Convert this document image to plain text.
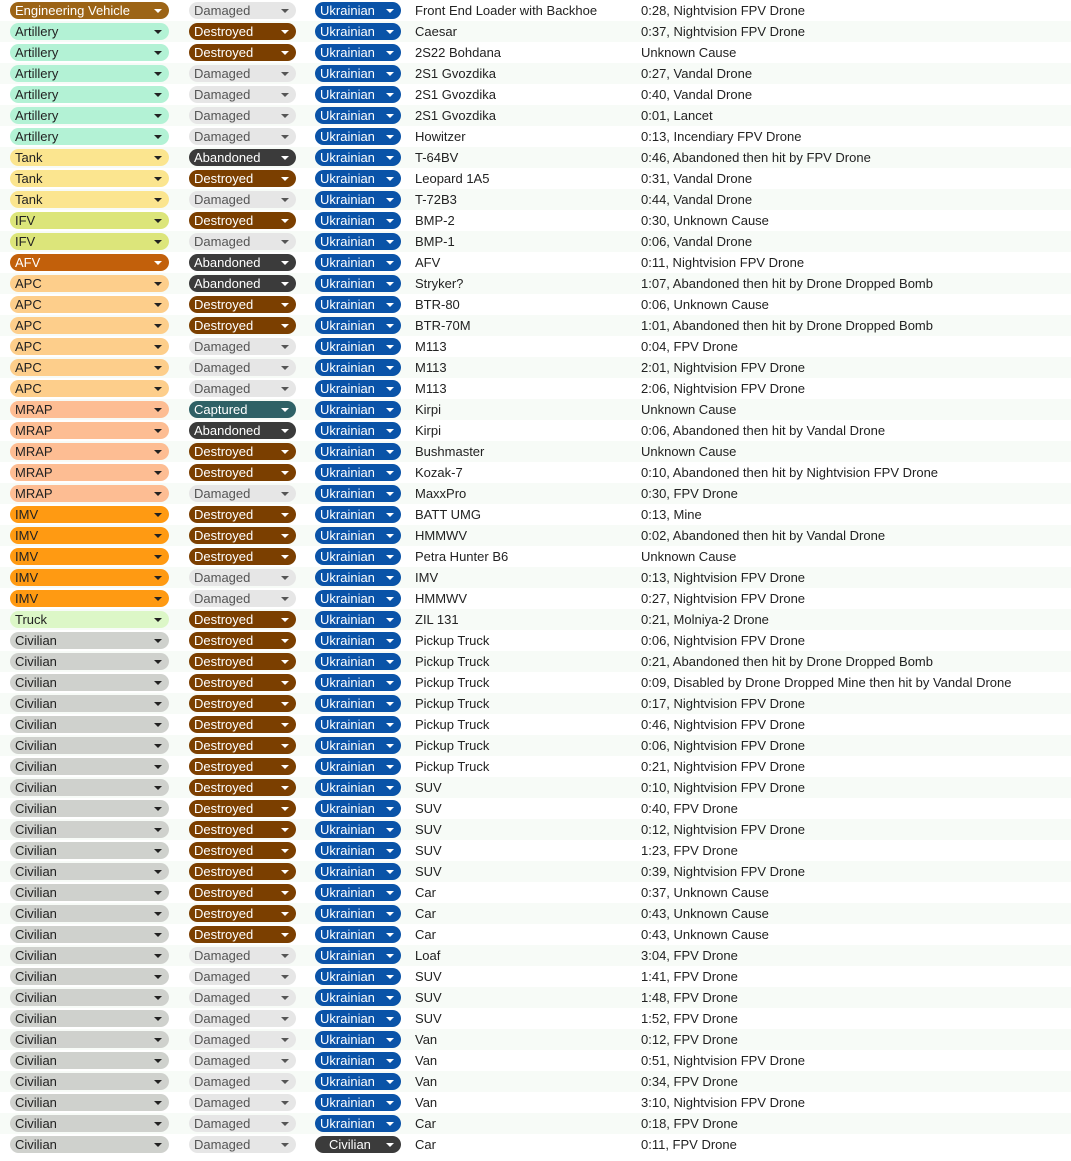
Engineering Vehicle	Damaged	Ukrainian	Front End Loader with Backhoe	0:28, Nightvision FPV Drone
Artillery	Destroyed	Ukrainian	Caesar	0:37, Nightvision FPV Drone
Artillery	Destroyed	Ukrainian	2S22 Bohdana	Unknown Cause
Artillery	Damaged	Ukrainian	2S1 Gvozdika	0:27, Vandal Drone
Artillery	Damaged	Ukrainian	2S1 Gvozdika	0:40, Vandal Drone
Artillery	Damaged	Ukrainian	2S1 Gvozdika	0:01, Lancet
Artillery	Damaged	Ukrainian	Howitzer	0:13, Incendiary FPV Drone
Tank	Abandoned	Ukrainian	T-64BV	0:46, Abandoned then hit by FPV Drone
Tank	Destroyed	Ukrainian	Leopard 1A5	0:31, Vandal Drone
Tank	Damaged	Ukrainian	T-72B3	0:44, Vandal Drone
IFV	Destroyed	Ukrainian	BMP-2	0:30, Unknown Cause
IFV	Damaged	Ukrainian	BMP-1	0:06, Vandal Drone
AFV	Abandoned	Ukrainian	AFV	0:11, Nightvision FPV Drone
APC	Abandoned	Ukrainian	Stryker?	1:07, Abandoned then hit by Drone Dropped Bomb
APC	Destroyed	Ukrainian	BTR-80	0:06, Unknown Cause
APC	Destroyed	Ukrainian	BTR-70M	1:01, Abandoned then hit by Drone Dropped Bomb
APC	Damaged	Ukrainian	M113	0:04, FPV Drone
APC	Damaged	Ukrainian	M113	2:01, Nightvision FPV Drone
APC	Damaged	Ukrainian	M113	2:06, Nightvision FPV Drone
MRAP	Captured	Ukrainian	Kirpi	Unknown Cause
MRAP	Abandoned	Ukrainian	Kirpi	0:06, Abandoned then hit by Vandal Drone
MRAP	Destroyed	Ukrainian	Bushmaster	Unknown Cause
MRAP	Destroyed	Ukrainian	Kozak-7	0:10, Abandoned then hit by Nightvision FPV Drone
MRAP	Damaged	Ukrainian	MaxxPro	0:30, FPV Drone
IMV	Destroyed	Ukrainian	BATT UMG	0:13, Mine
IMV	Destroyed	Ukrainian	HMMWV	0:02, Abandoned then hit by Vandal Drone
IMV	Destroyed	Ukrainian	Petra Hunter B6	Unknown Cause
IMV	Damaged	Ukrainian	IMV	0:13, Nightvision FPV Drone
IMV	Damaged	Ukrainian	HMMWV	0:27, Nightvision FPV Drone
Truck	Destroyed	Ukrainian	ZIL 131	0:21, Molniya-2 Drone
Civilian	Destroyed	Ukrainian	Pickup Truck	0:06, Nightvision FPV Drone
Civilian	Destroyed	Ukrainian	Pickup Truck	0:21, Abandoned then hit by Drone Dropped Bomb
Civilian	Destroyed	Ukrainian	Pickup Truck	0:09, Disabled by Drone Dropped Mine then hit by Vandal Drone
Civilian	Destroyed	Ukrainian	Pickup Truck	0:17, Nightvision FPV Drone
Civilian	Destroyed	Ukrainian	Pickup Truck	0:46, Nightvision FPV Drone
Civilian	Destroyed	Ukrainian	Pickup Truck	0:06, Nightvision FPV Drone
Civilian	Destroyed	Ukrainian	Pickup Truck	0:21, Nightvision FPV Drone
Civilian	Destroyed	Ukrainian	SUV	0:10, Nightvision FPV Drone
Civilian	Destroyed	Ukrainian	SUV	0:40, FPV Drone
Civilian	Destroyed	Ukrainian	SUV	0:12, Nightvision FPV Drone
Civilian	Destroyed	Ukrainian	SUV	1:23, FPV Drone
Civilian	Destroyed	Ukrainian	SUV	0:39, Nightvision FPV Drone
Civilian	Destroyed	Ukrainian	Car	0:37, Unknown Cause
Civilian	Destroyed	Ukrainian	Car	0:43, Unknown Cause
Civilian	Destroyed	Ukrainian	Car	0:43, Unknown Cause
Civilian	Damaged	Ukrainian	Loaf	3:04, FPV Drone
Civilian	Damaged	Ukrainian	SUV	1:41, FPV Drone
Civilian	Damaged	Ukrainian	SUV	1:48, FPV Drone
Civilian	Damaged	Ukrainian	SUV	1:52, FPV Drone
Civilian	Damaged	Ukrainian	Van	0:12, FPV Drone
Civilian	Damaged	Ukrainian	Van	0:51, Nightvision FPV Drone
Civilian	Damaged	Ukrainian	Van	0:34, FPV Drone
Civilian	Damaged	Ukrainian	Van	3:10, Nightvision FPV Drone
Civilian	Damaged	Ukrainian	Car	0:18, FPV Drone
Civilian	Damaged	Civilian	Car	0:11, FPV Drone
